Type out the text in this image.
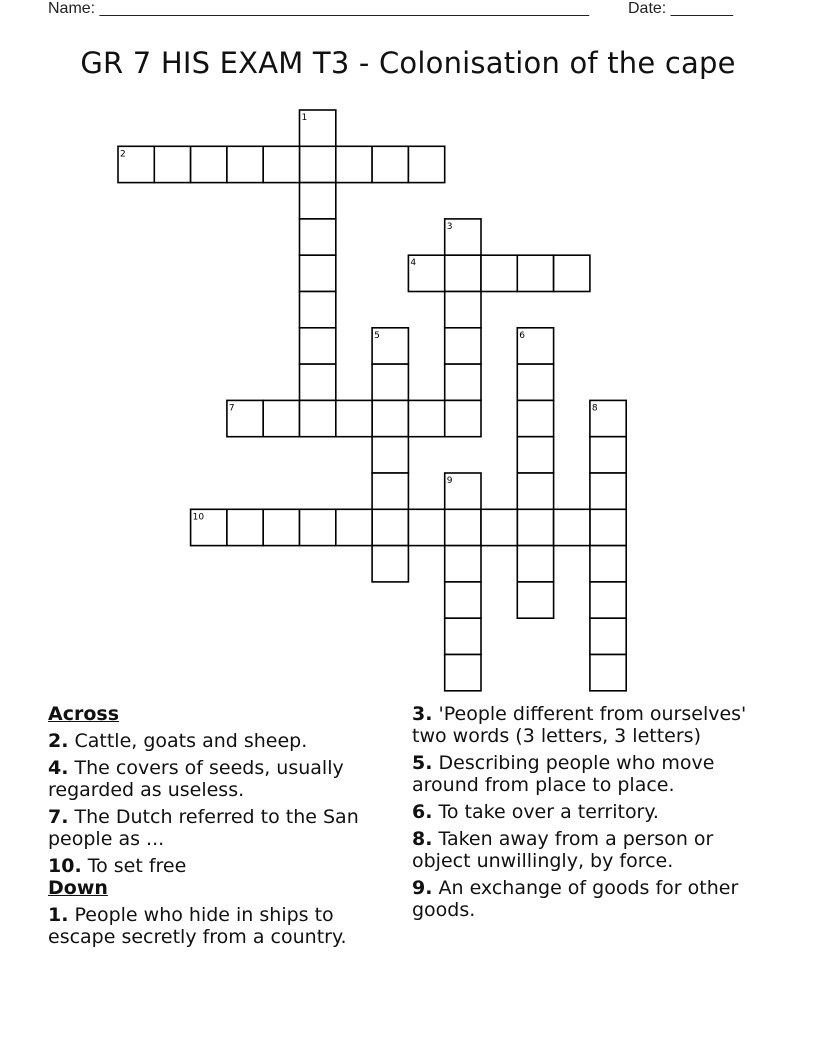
Name: _______________________________________________________ Date: _______
GR 7 HIS EXAM T3 - Colonisation of the cape
1
2
3
4
5	6
7	8
9
10
Across
2. Cattle, goats and sheep.
4. The covers of seeds, usually regarded as useless.
7. The Dutch referred to the San people as ...
10. To set free
Down
1. People who hide in ships to escape secretly from a country.
3. 'People different from ourselves' two words (3 letters, 3 letters)
5. Describing people who move around from place to place.
6. To take over a territory.
8. Taken away from a person or object unwillingly, by force.
9. An exchange of goods for other goods.
